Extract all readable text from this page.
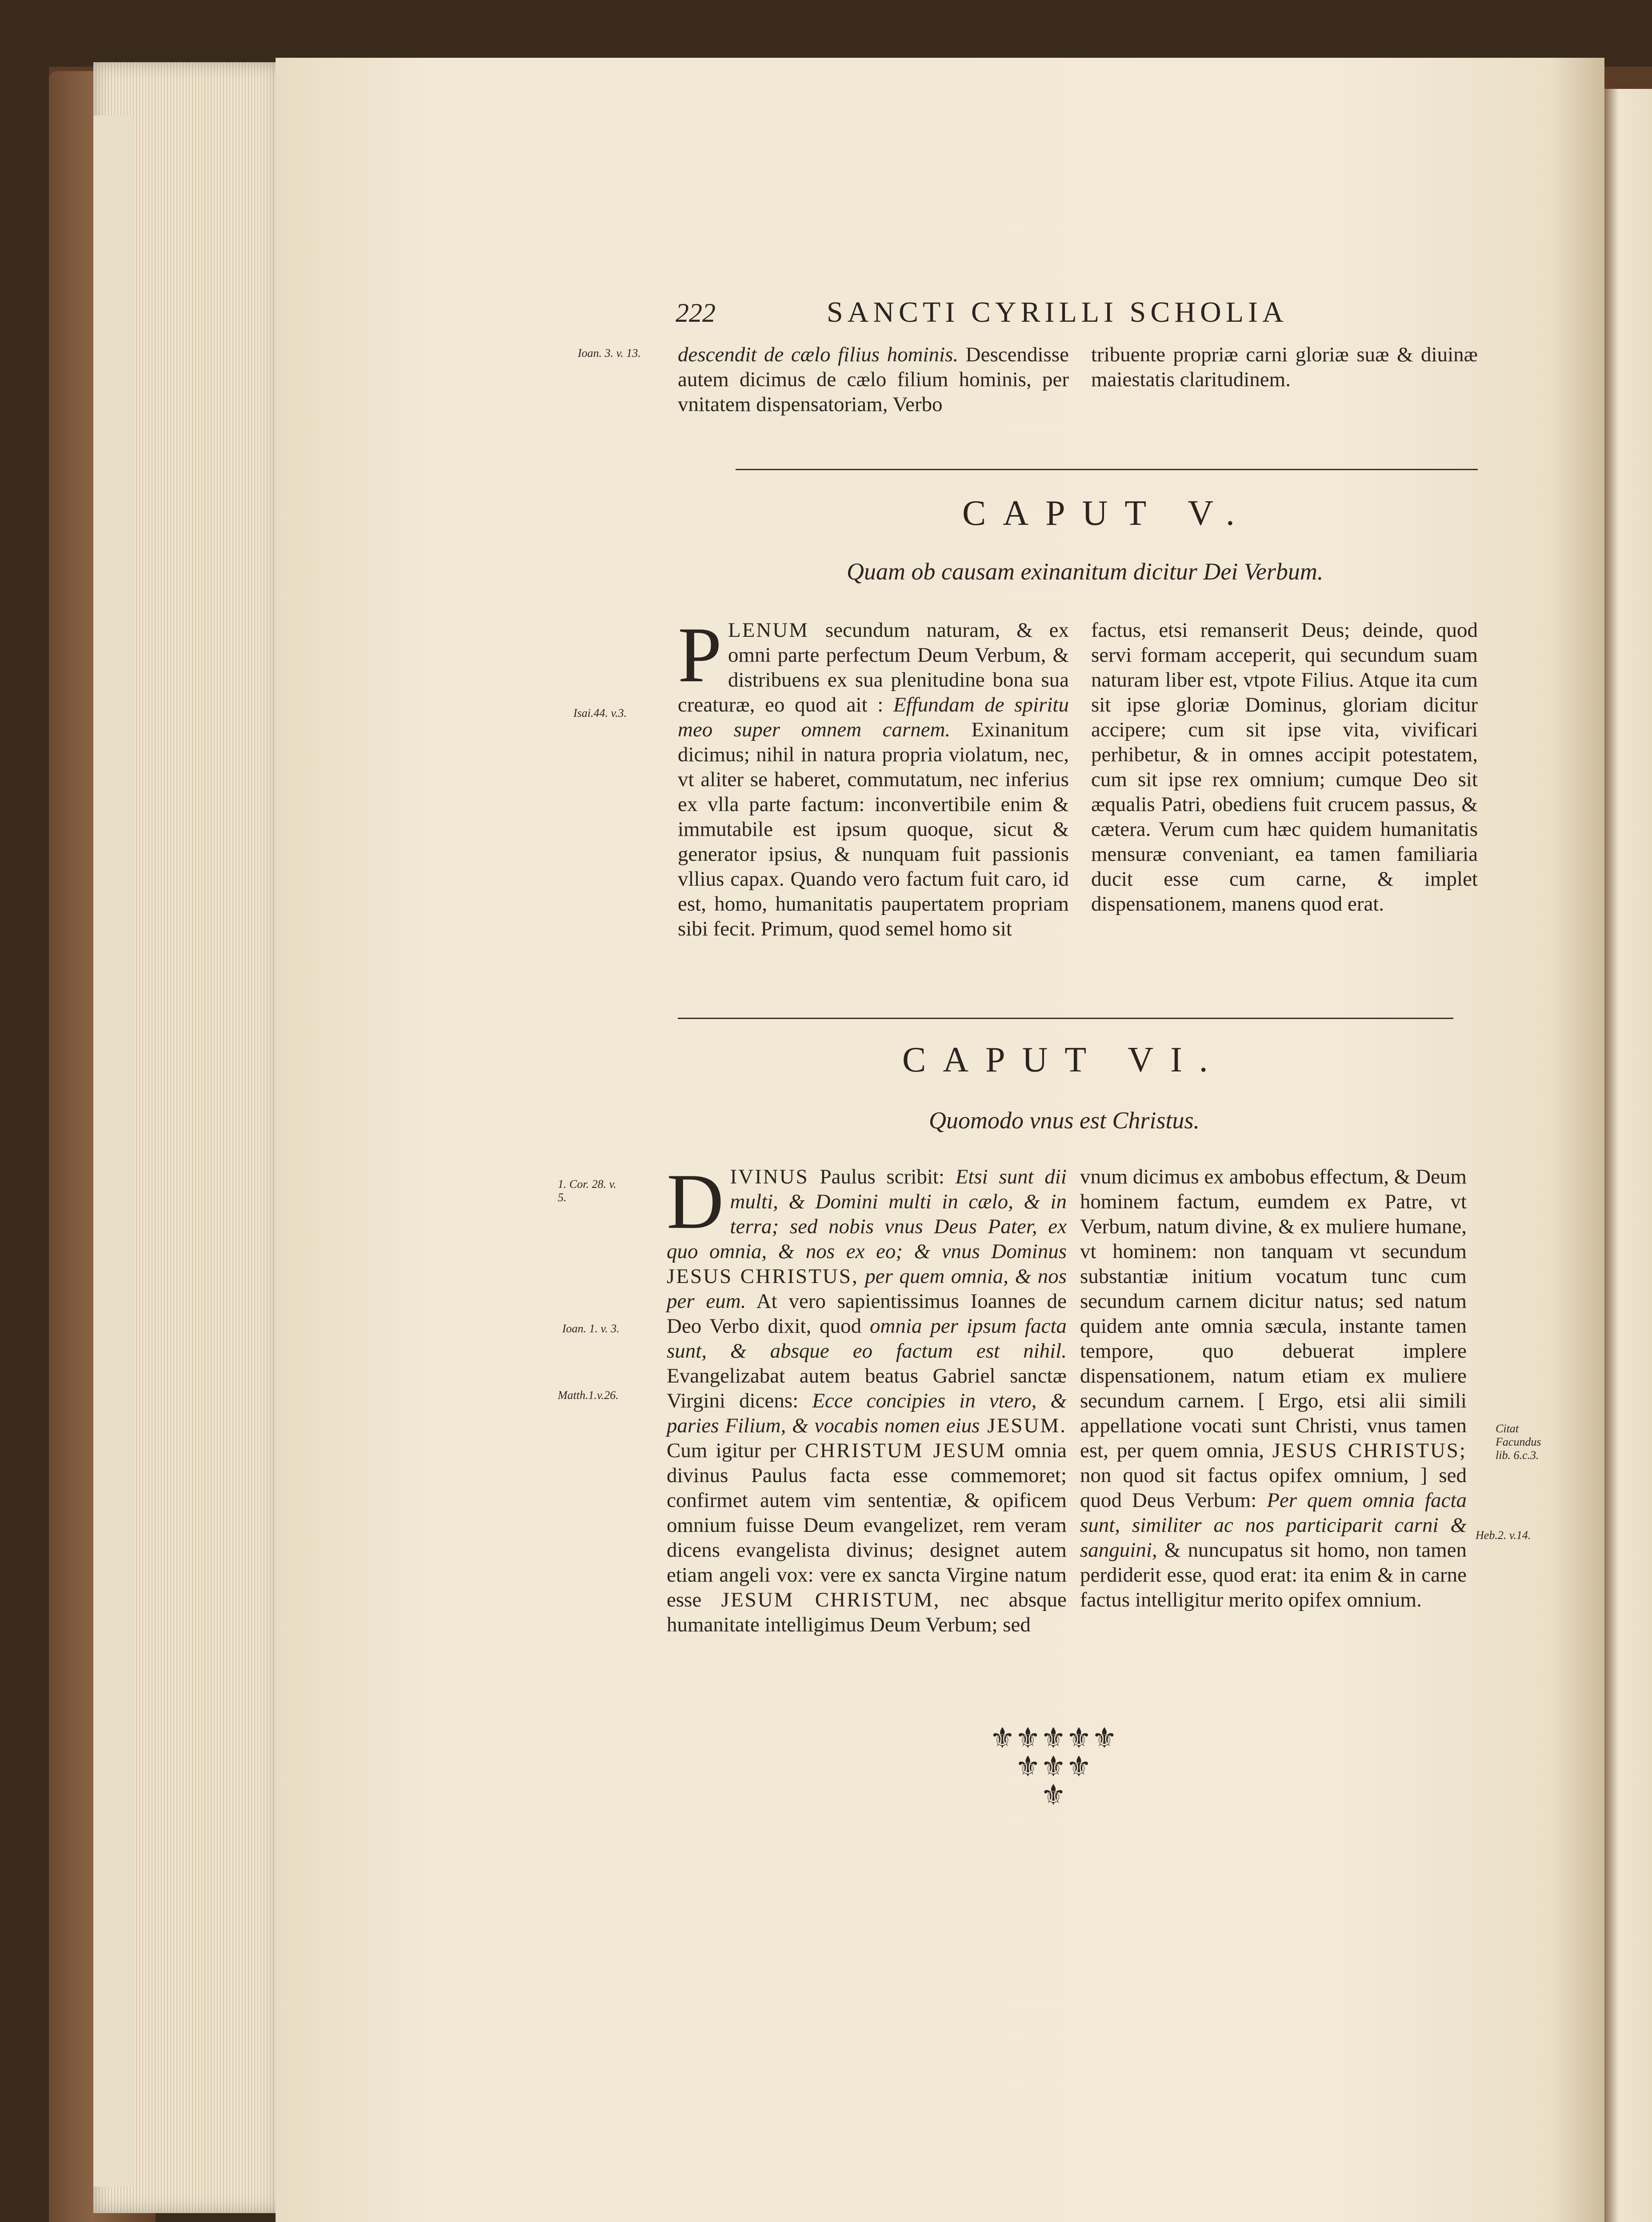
222	SANCTI CYRILLI SCHOLIA
Ioan. 3. v. 13.	descendit de cælo filius hominis. Descendisse autem dicimus de cælo filium hominis, per vnitatem dispensatoriam, Verbo

tribuente propriæ carni gloriæ suæ & diuinæ maiestatis claritudinem.
CAPUT V.
Quam ob causam exinanitum dicitur Dei Verbum.
Isai.44. v.3.

PLENUM secundum naturam, & ex omni parte perfectum Deum Verbum, & distribuens ex sua plenitudine bona sua creaturæ, eo quod ait : Effundam de spiritu meo super omnem carnem. Exinanitum dicimus; nihil in natura propria violatum, nec, vt aliter se haberet, commutatum, nec inferius ex vlla parte factum: inconvertibile enim & immutabile est ipsum quoque, sicut & generator ipsius, & nunquam fuit passionis vllius capax. Quando vero factum fuit caro, id est, homo, humanitatis paupertatem propriam sibi fecit. Primum, quod semel homo sit

factus, etsi remanserit Deus; deinde, quod servi formam acceperit, qui secundum suam naturam liber est, vtpote Filius. Atque ita cum sit ipse gloriæ Dominus, gloriam dicitur accipere; cum sit ipse vita, vivificari perhibetur, & in omnes accipit potestatem, cum sit ipse rex omnium; cumque Deo sit æqualis Patri, obediens fuit crucem passus, & cætera. Verum cum hæc quidem humanitatis mensuræ conveniant, ea tamen familiaria ducit esse cum carne, & implet dispensationem, manens quod erat.
CAPUT VI.
Quomodo vnus est Christus.
1. Cor. 28. v. 5.
Ioan. 1. v. 3.
Matth.1.v.26.
Citat Facundus lib. 6.c.3.
Heb.2. v.14.

DIVINUS Paulus scribit: Etsi sunt dii multi, & Domini multi in cælo, & in terra; sed nobis vnus Deus Pater, ex quo omnia, & nos ex eo; & vnus Dominus JESUS CHRISTUS, per quem omnia, & nos per eum. At vero sapientissimus Ioannes de Deo Verbo dixit, quod omnia per ipsum facta sunt, & absque eo factum est nihil. Evangelizabat autem beatus Gabriel sanctæ Virgini dicens: Ecce concipies in vtero, & paries Filium, & vocabis nomen eius JESUM. Cum igitur per CHRISTUM JESUM omnia divinus Paulus facta esse commemoret; confirmet autem vim sententiæ, & opificem omnium fuisse Deum evangelizet, rem veram dicens evangelista divinus; designet autem etiam angeli vox: vere ex sancta Virgine natum esse JESUM CHRISTUM, nec absque humanitate intelligimus Deum Verbum; sed

vnum dicimus ex ambobus effectum, & Deum hominem factum, eumdem ex Patre, vt Verbum, natum divine, & ex muliere humane, vt hominem: non tanquam vt secundum substantiæ initium vocatum tunc cum secundum carnem dicitur natus; sed natum quidem ante omnia sæcula, instante tamen tempore, quo debuerat implere dispensationem, natum etiam ex muliere secundum carnem. [ Ergo, etsi alii simili appellatione vocati sunt Christi, vnus tamen est, per quem omnia, JESUS CHRISTUS; non quod sit factus opifex omnium, ] sed quod Deus Verbum: Per quem omnia facta sunt, similiter ac nos participarit carni & sanguini, & nuncupatus sit homo, non tamen perdiderit esse, quod erat: ita enim & in carne factus intelligitur merito opifex omnium.

⚜⚜⚜⚜⚜
⚜⚜⚜
⚜
